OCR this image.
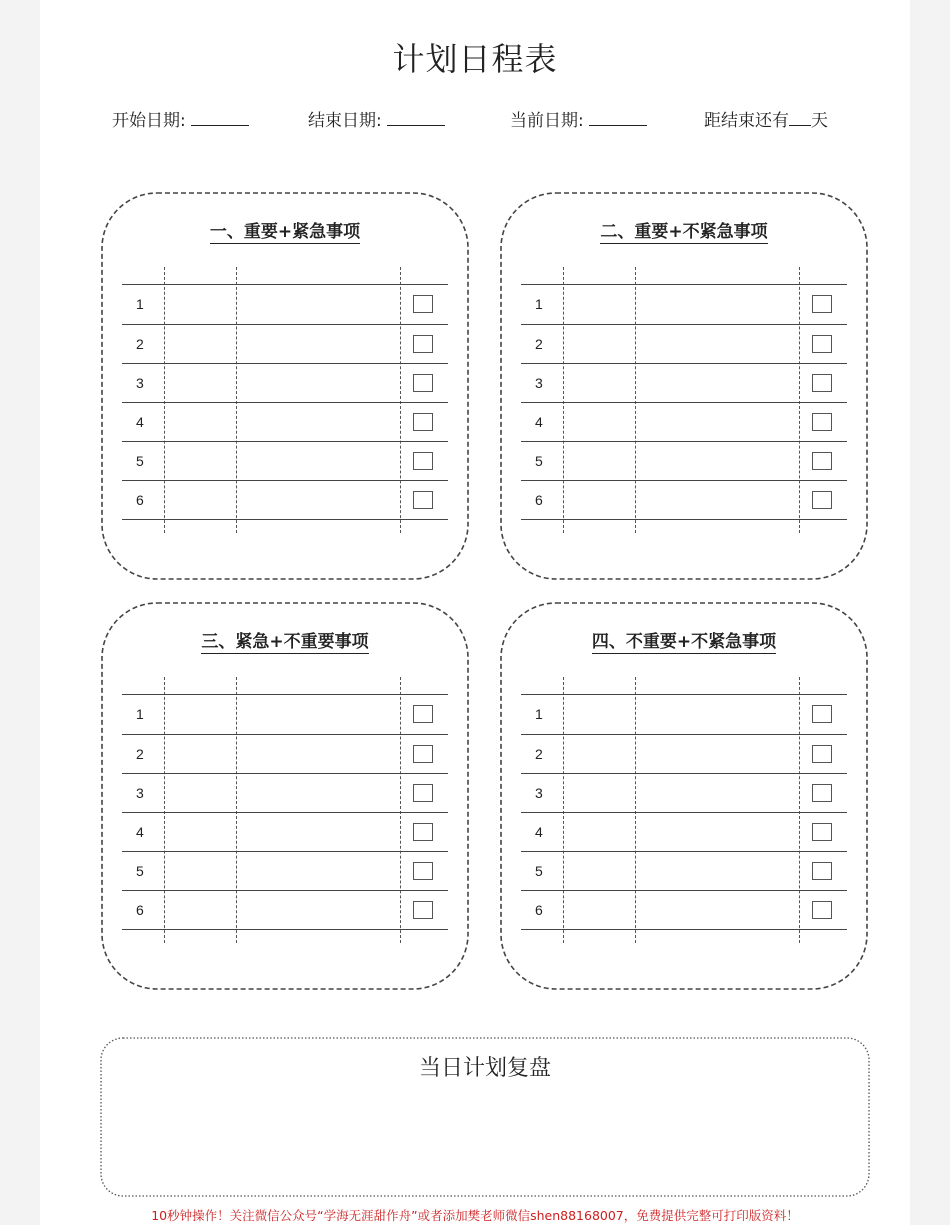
计划日程表
开始日期:	结束日期:	当前日期:	距结束还有 天
一、重要+紧急事项
1
2
3
4
5
6
二、重要+不紧急事项
1
2
3
4
5
6
三、紧急+不重要事项
1
2
3
4
5
6
四、不重要+不紧急事项
1
2
3
4
5
6
当日计划复盘
10秒钟操作！关注微信公众号“学海无涯甜作舟”或者添加樊老师微信shen88168007，免费提供完整可打印版资料！
